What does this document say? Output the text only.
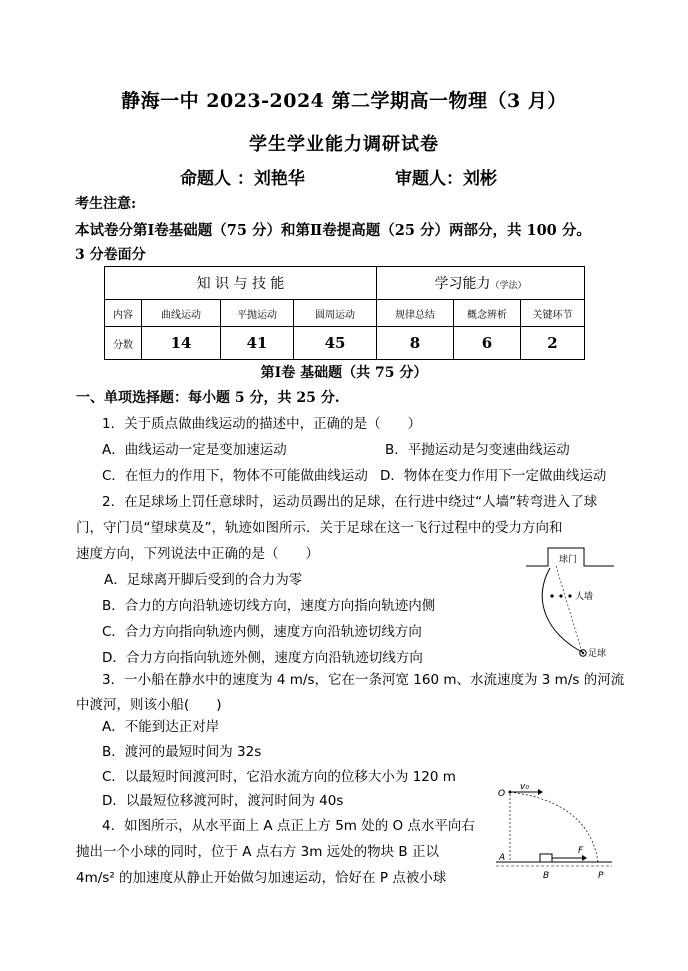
静海一中 2023-2024 第二学期高一物理（3 月）
学生学业能力调研试卷
命题人 ：刘艳华	审题人：刘彬
考生注意:
本试卷分第Ⅰ卷基础题（75 分）和第Ⅱ卷提高题（25 分）两部分，共 100 分。
3 分卷面分
知 识 与 技 能				学习能力（学法）		
内容	曲线运动	平抛运动	圆周运动	规律总结	概念辨析	关键环节
分数	14	41	45	8	6	2
第Ⅰ卷 基础题（共 75 分）
一、单项选择题：每小题 5 分，共 25 分.
1．关于质点做曲线运动的描述中，正确的是（　　）
A．曲线运动一定是变加速运动	B．平抛运动是匀变速曲线运动
C．在恒力的作用下，物体不可能做曲线运动 D．物体在变力作用下一定做曲线运动
2．在足球场上罚任意球时，运动员踢出的足球，在行进中绕过“人墙”转弯进入了球
门，守门员“望球莫及”，轨迹如图所示．关于足球在这一飞行过程中的受力方向和
速度方向，下列说法中正确的是（　　）
A．足球离开脚后受到的合力为零
B．合力的方向沿轨迹切线方向，速度方向指向轨迹内侧
C．合力方向指向轨迹内侧，速度方向沿轨迹切线方向
D．合力方向指向轨迹外侧，速度方向沿轨迹切线方向
球门
人墙
足球
3．一小船在静水中的速度为 4 m/s，它在一条河宽 160 m、水流速度为 3 m/s 的河流
中渡河，则该小船(　　)
A．不能到达正对岸
B．渡河的最短时间为 32s
C．以最短时间渡河时，它沿水流方向的位移大小为 120 m
D．以最短位移渡河时，渡河时间为 40s
4．如图所示，从水平面上 A 点正上方 5m 处的 O 点水平向右
抛出一个小球的同时，位于 A 点右方 3m 远处的物块 B 正以
4m/s² 的加速度从静止开始做匀加速运动，恰好在 P 点被小球
O
v₀
A
F
B	P
